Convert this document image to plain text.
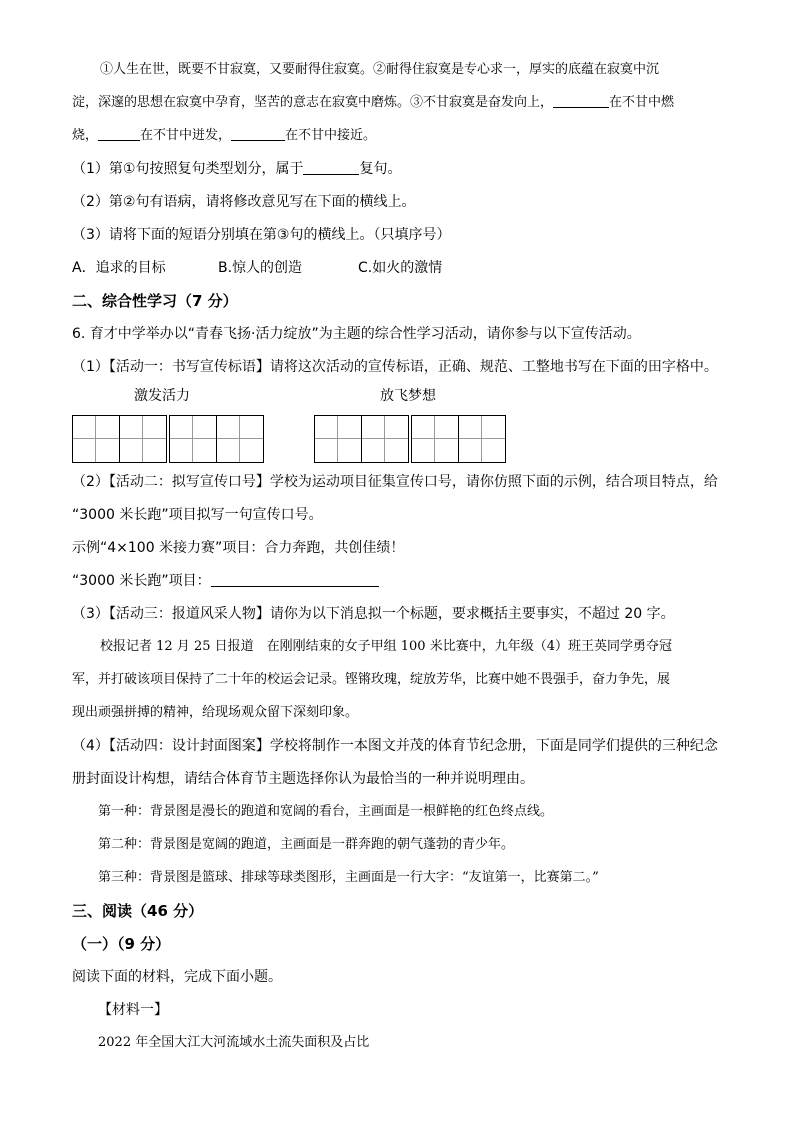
①人生在世，既要不甘寂寞，又要耐得住寂寞。②耐得住寂寞是专心求一，厚实的底蕴在寂寞中沉

淀，深邃的思想在寂寞中孕育，坚苦的意志在寂寞中磨炼。③不甘寂寞是奋发向上，	在不甘中燃

烧，	在不甘中迸发，	在不甘中接近。

（1）第①句按照复句类型划分，属于	复句。

（2）第②句有语病，请将修改意见写在下面的横线上。

（3）请将下面的短语分别填在第③句的横线上。（只填序号）

A．追求的目标	B.惊人的创造	C.如火的激情

二、综合性学习（7 分）

6. 育才中学举办以“青春飞扬·活力绽放”为主题的综合性学习活动，请你参与以下宣传活动。

（1）【活动一：书写宣传标语】请将这次活动的宣传标语，正确、规范、工整地书写在下面的田字格中。

激发活力	放飞梦想

（2）【活动二：拟写宣传口号】学校为运动项目征集宣传口号，请你仿照下面的示例，结合项目特点，给

“3000 米长跑”项目拟写一句宣传口号。

示例“4×100 米接力赛”项目：合力奔跑，共创佳绩！

“3000 米长跑”项目：

（3）【活动三：报道风采人物】请你为以下消息拟一个标题，要求概括主要事实，不超过 20 字。

校报记者 12 月 25 日报道　在刚刚结束的女子甲组 100 米比赛中，九年级（4）班王英同学勇夺冠

军，并打破该项目保持了二十年的校运会记录。铿锵玫瑰，绽放芳华，比赛中她不畏强手，奋力争先，展

现出顽强拼搏的精神，给现场观众留下深刻印象。

（4）【活动四：设计封面图案】学校将制作一本图文并茂的体育节纪念册，下面是同学们提供的三种纪念

册封面设计构想，请结合体育节主题选择你认为最恰当的一种并说明理由。

第一种：背景图是漫长的跑道和宽阔的看台，主画面是一根鲜艳的红色终点线。

第二种：背景图是宽阔的跑道，主画面是一群奔跑的朝气蓬勃的青少年。

第三种：背景图是篮球、排球等球类图形，主画面是一行大字：“友谊第一，比赛第二。”

三、阅读（46 分）

（一）（9 分）

阅读下面的材料，完成下面小题。

【材料一】

2022 年全国大江大河流域水土流失面积及占比
